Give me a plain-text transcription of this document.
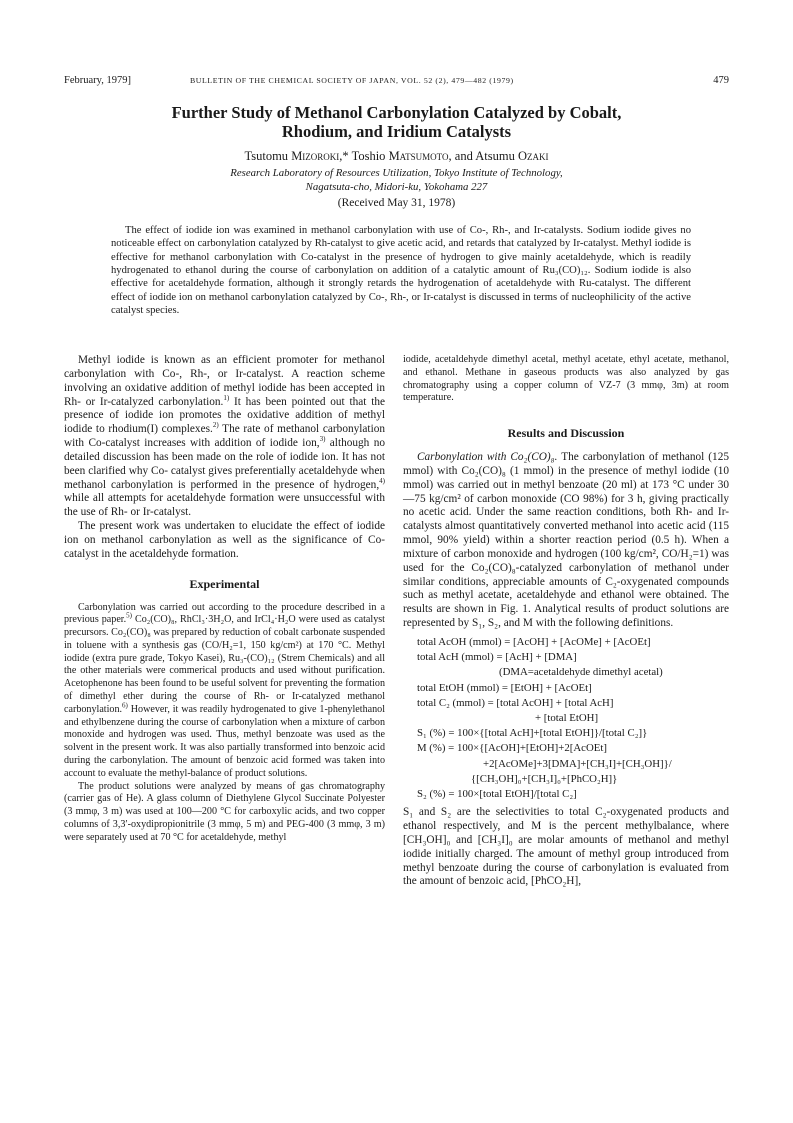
February, 1979]	BULLETIN OF THE CHEMICAL SOCIETY OF JAPAN, VOL. 52 (2), 479—482 (1979)	479
Further Study of Methanol Carbonylation Catalyzed by Cobalt,
Rhodium, and Iridium Catalysts
Tsutomu Mizoroki,* Toshio Matsumoto, and Atsumu Ozaki
Research Laboratory of Resources Utilization, Tokyo Institute of Technology,
Nagatsuta-cho, Midori-ku, Yokohama 227
(Received May 31, 1978)
The effect of iodide ion was examined in methanol carbonylation with use of Co-, Rh-, and Ir-catalysts. Sodium iodide gives no noticeable effect on carbonylation catalyzed by Rh-catalyst to give acetic acid, and retards that catalyzed by Ir-catalyst. Methyl iodide is effective for methanol carbonylation with Co-catalyst in the presence of hydrogen to give mainly acetaldehyde, which is readily hydrogenated to ethanol during the course of carbonylation on addition of a catalytic amount of Ru₃(CO)₁₂. Sodium iodide is also effective for acetaldehyde formation, although it strongly retards the hydrogenation of acetaldehyde with Ru-catalyst. The different effect of iodide ion on methanol carbonylation catalyzed by Co-, Rh-, or Ir-catalyst is discussed in terms of nucleophilicity of the active catalyst species.

Methyl iodide is known as an efficient promoter for methanol carbonylation with Co-, Rh-, or Ir-catalyst. A reaction scheme involving an oxidative addition of methyl iodide has been accepted in Rh- or Ir-catalyzed carbonylation.$^{1)}$ It has been pointed out that the presence of iodide ion promotes the oxidative addition of methyl iodide to rhodium(I) complexes.$^{2)}$ The rate of methanol carbonylation with Co-catalyst increases with addition of iodide ion,$^{3)}$ although no detailed discussion has been made on the role of iodide ion. It has not been clarified why Co- catalyst gives preferentially acetaldehyde when methanol carbonylation is performed in the presence of hydrogen,$^{4)}$ while all attempts for acetaldehyde formation were unsuccessful with the use of Rh- or Ir-catalyst.

The present work was undertaken to elucidate the effect of iodide ion on methanol carbonylation as well as the significance of Co-catalyst in the acetaldehyde formation.

Experimental

Carbonylation was carried out according to the procedure described in a previous paper.$^{5)}$ Co₂(CO)₈, RhCl₃·3H₂O, and IrCl₄·H₂O were used as catalyst precursors. Co₂(CO)₈ was prepared by reduction of cobalt carbonate suspended in toluene with a synthesis gas (CO/H₂=1, 150 kg/cm²) at 170 °C. Methyl iodide (extra pure grade, Tokyo Kasei), Ru₃-(CO)₁₂ (Strem Chemicals) and all the other materials were commerical products and used without purification. Acetophenone has been found to be useful solvent for preventing the formation of dimethyl ether during the course of Rh- or Ir-catalyzed methanol carbonylation.$^{6)}$ However, it was readily hydrogenated to give 1-phenylethanol and ethylbenzene during the course of carbonylation when a mixture of carbon monoxide and hydrogen was used. Thus, methyl benzoate was used as the solvent in the present work. It was also partially transformed into benzoic acid during the carbonylation. The amount of benzoic acid formed was taken into account to evaluate the methyl-balance of product solutions.

The product solutions were analyzed by means of gas chromatography (carrier gas of He). A glass column of Diethylene Glycol Succinate Polyester (3 mmφ, 3 m) was used at 100—200 °C for carboxylic acids, and two copper columns of 3,3′-oxydipropionitrile (3 mmφ, 5 m) and PEG-400 (3 mmφ, 3 m) were separately used at 70 °C for acetaldehyde, methyl

iodide, acetaldehyde dimethyl acetal, methyl acetate, ethyl acetate, methanol, and ethanol. Methane in gaseous products was also analyzed by gas chromatography using a copper column of VZ-7 (3 mmφ, 3m) at room temperature.

Results and Discussion

Carbonylation with Co₂(CO)₈. The carbonylation of methanol (125 mmol) with Co₂(CO)₈ (1 mmol) in the presence of methyl iodide (10 mmol) was carried out in methyl benzoate (20 ml) at 173 °C under 30—75 kg/cm² of carbon monoxide (CO 98%) for 3 h, giving practically no acetic acid. Under the same reaction conditions, both Rh- and Ir-catalysts almost quantitatively converted methanol into acetic acid (115 mmol, 90% yield) within a shorter reaction period (0.5 h). When a mixture of carbon monoxide and hydrogen (100 kg/cm², CO/H₂=1) was used for the Co₂(CO)₈-catalyzed carbonylation of methanol under similar conditions, appreciable amounts of C₂-oxygenated compounds such as methyl acetate, acetaldehyde and ethanol were obtained. The results are shown in Fig. 1. Analytical results of product solutions are represented by S₁, S₂, and M with the following definitions.

total AcOH (mmol) = [AcOH] + [AcOMe] + [AcOEt]
total AcH (mmol) = [AcH] + [DMA]
(DMA=acetaldehyde dimethyl acetal)
total EtOH (mmol) = [EtOH] + [AcOEt]
total C₂ (mmol) = [total AcOH] + [total AcH]
+ [total EtOH]
S₁ (%) = 100×{[total AcH]+[total EtOH]}/[total C₂]}
M (%) = 100×{[AcOH]+[EtOH]+2[AcOEt]
+2[AcOMe]+3[DMA]+[CH₃I]+[CH₃OH]}/
{[CH₃OH]₀+[CH₃I]₀+[PhCO₂H]}
S₂ (%) = 100×[total EtOH]/[total C₂]

S₁ and S₂ are the selectivities to total C₂-oxygenated products and ethanol respectively, and M is the percent methylbalance, where [CH₃OH]₀ and [CH₃I]₀ are molar amounts of methanol and methyl iodide initially charged. The amount of methyl group introduced from methyl benzoate during the course of carbonylation is evaluated from the amount of benzoic acid, [PhCO₂H],
